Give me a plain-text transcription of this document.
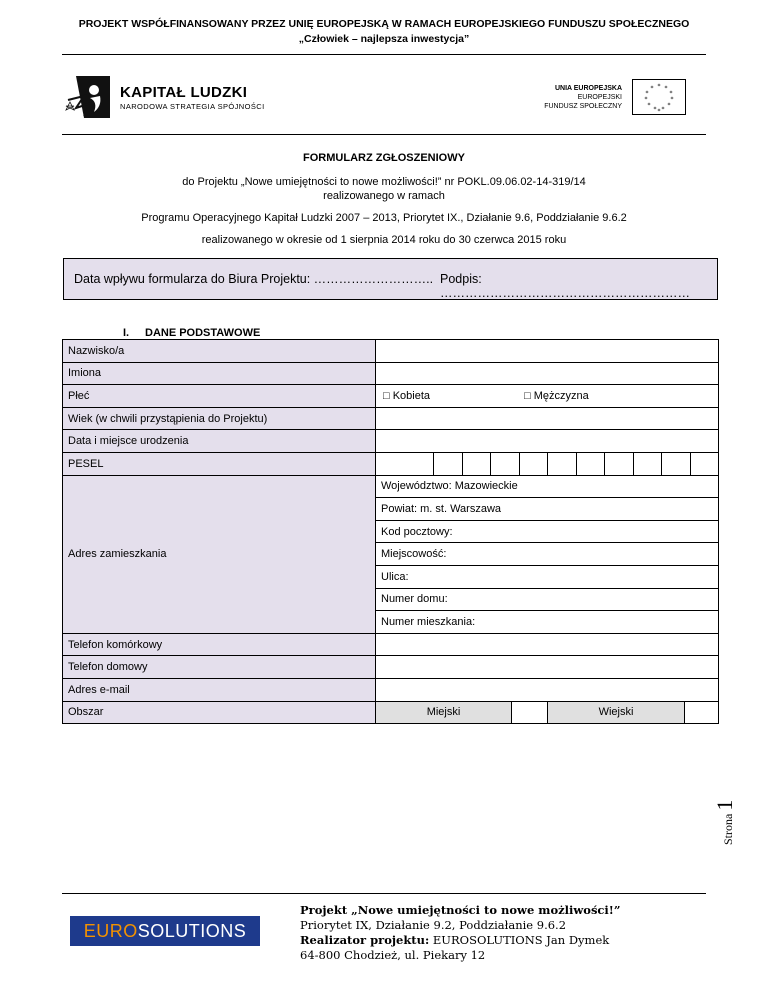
PROJEKT WSPÓŁFINANSOWANY PRZEZ UNIĘ EUROPEJSKĄ W RAMACH EUROPEJSKIEGO FUNDUSZU SPOŁECZNEGO
„Człowiek – najlepsza inwestycja”
KAPITAŁ LUDZKI
NARODOWA STRATEGIA SPÓJNOŚCI
UNIA EUROPEJSKA
EUROPEJSKI
FUNDUSZ SPOŁECZNY
* *
*
*
*
*
*
*
*
*
*
*
FORMULARZ ZGŁOSZENIOWY
do Projektu „Nowe umiejętności to nowe możliwości!” nr POKL.09.06.02-14-319/14
realizowanego w ramach
Programu Operacyjnego Kapitał Ludzki 2007 – 2013, Priorytet IX., Działanie 9.6, Poddziałanie 9.6.2
realizowanego w okresie od 1 sierpnia 2014 roku do 30 czerwca 2015 roku
Data wpływu formularza do Biura Projektu: ……………………….. Podpis: ……………………………………………………
I. DANE PODSTAWOWE
Nazwisko/a	
Imiona	
Płeć	□ Kobieta □ Mężczyzna
Wiek (w chwili przystąpienia do Projektu)	
Data i miejsce urodzenia	
PESEL	

Adres zamieszkania	Województwo: Mazowieckie
	Powiat: m. st. Warszawa
	Kod pocztowy:
	Miejscowość:
	Ulica:
	Numer domu:
	Numer mieszkania:
Telefon komórkowy	
Telefon domowy	
Adres e-mail	
Obszar	Miejski Wiejski
Strona 1
EURO SOLUTIONS
Projekt „Nowe umiejętności to nowe możliwości!”
Priorytet IX, Działanie 9.2, Poddziałanie 9.6.2
Realizator projektu: EUROSOLUTIONS Jan Dymek
64-800 Chodzież, ul. Piekary 12
